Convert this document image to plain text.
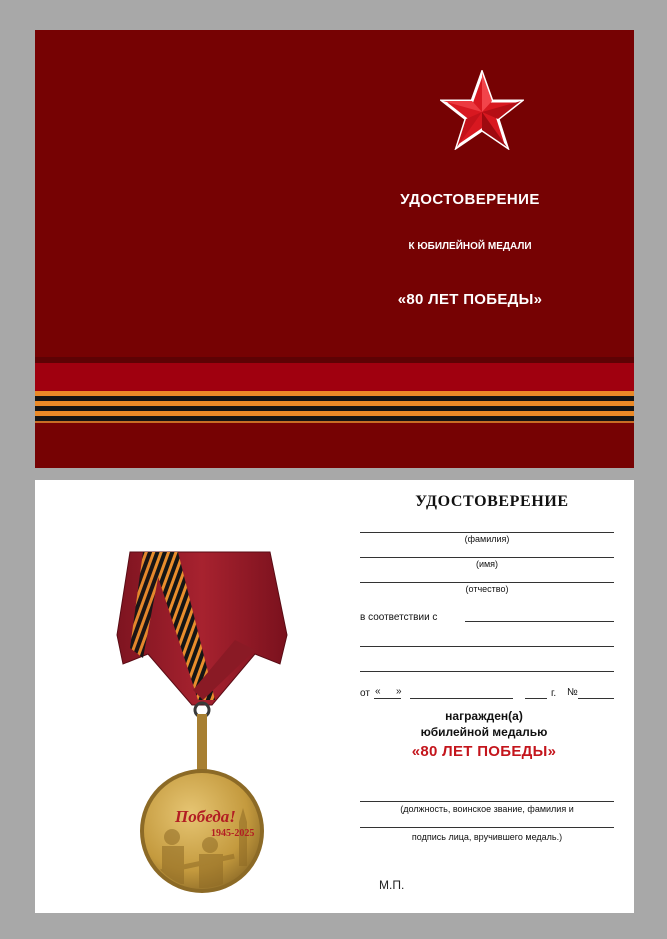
УДОСТОВЕРЕНИЕ
К ЮБИЛЕЙНОЙ МЕДАЛИ
«80 ЛЕТ ПОБЕДЫ»
Победа!
1945-2025
УДОСТОВЕРЕНИЕ
(фамилия)
(имя)
(отчество)
в соответствии с
от « »	г. №
награжден(а)
юбилейной медалью
«80 ЛЕТ ПОБЕДЫ»
(должность, воинское звание, фамилия и
подпись лица, вручившего медаль.)
М.П.
